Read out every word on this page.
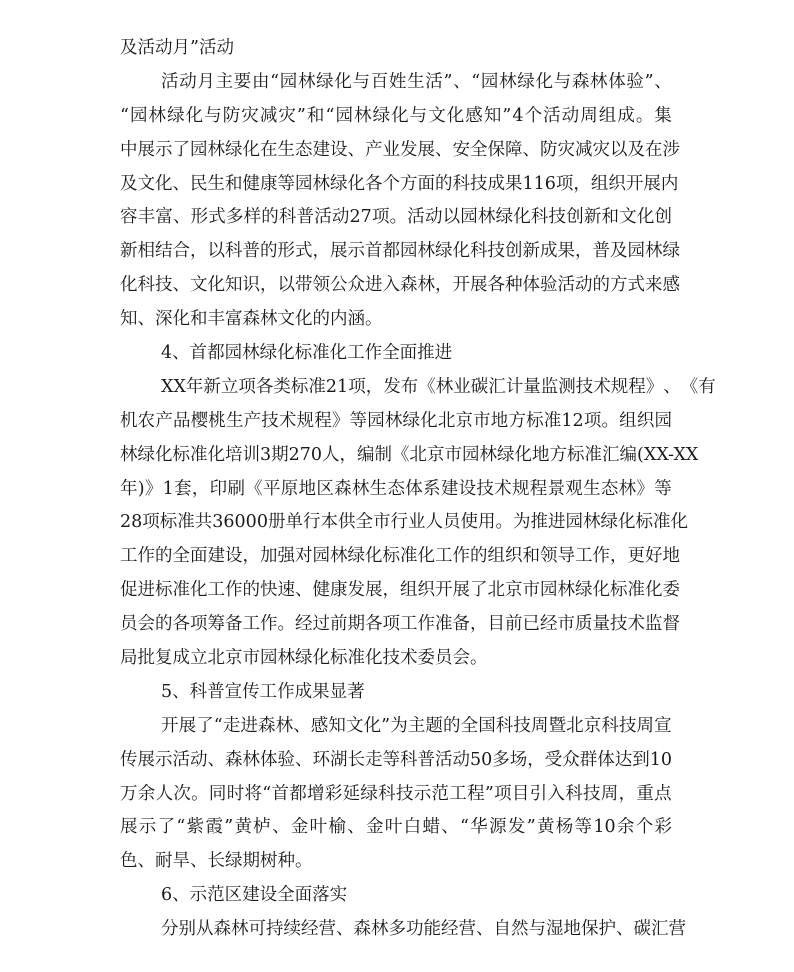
及活动月”活动
活 动 月 主 要 由 “ 园 林 绿 化 与 百 姓 生 活 ” 、 “ 园 林 绿 化 与 森 林 体 验 ” 、
“ 园 林 绿 化 与 防 灾 减 灾 ” 和 “ 园 林 绿 化 与 文 化 感 知 ” 4 个 活 动 周 组 成 。 集
中 展 示 了 园 林 绿 化 在 生 态 建 设 、 产 业 发 展 、 安 全 保 障 、 防 灾 减 灾 以 及 在 涉
及 文 化 、 民 生 和 健 康 等 园 林 绿 化 各 个 方 面 的 科 技 成 果 116 项 ， 组 织 开 展 内
容 丰 富 、 形 式 多 样 的 科 普 活 动 27 项 。 活 动 以 园 林 绿 化 科 技 创 新 和 文 化 创
新 相 结 合 ， 以 科 普 的 形 式 ， 展 示 首 都 园 林 绿 化 科 技 创 新 成 果 ， 普 及 园 林 绿
化 科 技 、 文 化 知 识 ， 以 带 领 公 众 进 入 森 林 ， 开 展 各 种 体 验 活 动 的 方 式 来 感
知、深化和丰富森林文化的内涵。
4、首都园林绿化标准化工作全面推进
XX 年 新 立 项 各 类 标 准 21 项 ， 发 布 《 林 业 碳 汇 计 量 监 测 技 术 规 程 》 、 《 有
机 农 产 品 樱 桃 生 产 技 术 规 程 》 等 园 林 绿 化 北 京 市 地 方 标 准 12 项 。 组 织 园
林 绿 化 标 准 化 培 训 3 期 270 人 ， 编 制 《 北 京 市 园 林 绿 化 地 方 标 准 汇 编 (XX-XX
年 ) 》 1 套 ， 印 刷 《 平 原 地 区 森 林 生 态 体 系 建 设 技 术 规 程 景 观 生 态 林 》 等
28 项 标 准 共 36000 册 单 行 本 供 全 市 行 业 人 员 使 用 。 为 推 进 园 林 绿 化 标 准 化
工 作 的 全 面 建 设 ， 加 强 对 园 林 绿 化 标 准 化 工 作 的 组 织 和 领 导 工 作 ， 更 好 地
促 进 标 准 化 工 作 的 快 速 、 健 康 发 展 ， 组 织 开 展 了 北 京 市 园 林 绿 化 标 准 化 委
员 会 的 各 项 筹 备 工 作 。 经 过 前 期 各 项 工 作 准 备 ， 目 前 已 经 市 质 量 技 术 监 督
局批复成立北京市园林绿化标准化技术委员会。
5、科普宣传工作成果显著
开 展 了 “ 走 进 森 林 、 感 知 文 化 ” 为 主 题 的 全 国 科 技 周 暨 北 京 科 技 周 宣
传 展 示 活 动 、 森 林 体 验 、 环 湖 长 走 等 科 普 活 动 50 多 场 ， 受 众 群 体 达 到 10
万 余 人 次 。 同 时 将 “ 首 都 增 彩 延 绿 科 技 示 范 工 程 ” 项 目 引 入 科 技 周 ， 重 点
展 示 了 “ 紫 霞 ” 黄 栌 、 金 叶 榆 、 金 叶 白 蜡 、 “ 华 源 发 ” 黄 杨 等 10 余 个 彩
色、耐旱、长绿期树种。
6、示范区建设全面落实
分 别 从 森 林 可 持 续 经 营 、 森 林 多 功 能 经 营 、 自 然 与 湿 地 保 护 、 碳 汇 营
